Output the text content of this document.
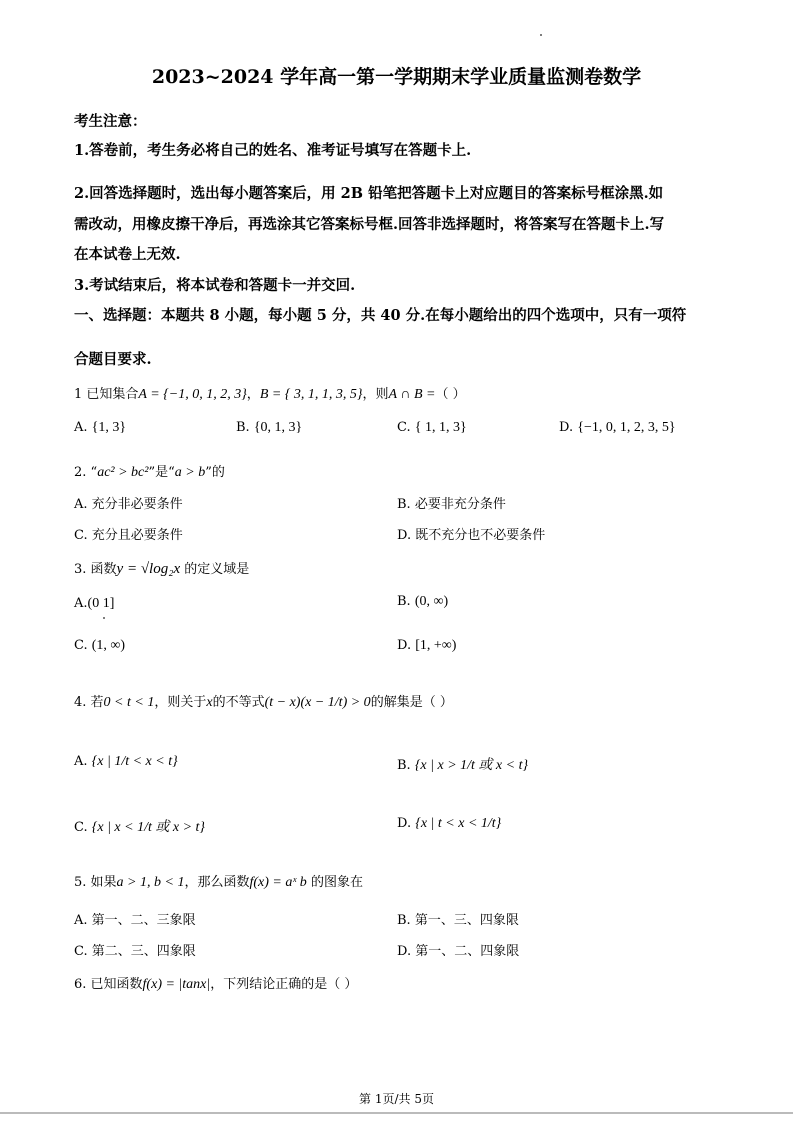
2023~2024 学年高一第一学期期末学业质量监测卷数学
考生注意：
1.答卷前，考生务必将自己的姓名、准考证号填写在答题卡上.
2.回答选择题时，选出每小题答案后，用 2B 铅笔把答题卡上对应题目的答案标号框涂黑.如
需改动，用橡皮擦干净后，再选涂其它答案标号框.回答非选择题时，将答案写在答题卡上.写
在本试卷上无效.
3.考试结束后，将本试卷和答题卡一并交回.
一、选择题：本题共 8 小题，每小题 5 分，共 40 分.在每小题给出的四个选项中，只有一项符
合题目要求.
1 已知集合A = {−1, 0, 1, 2, 3}，B = { 3, 1, 1, 3, 5}，则A ∩ B =（ ）
A. {1, 3}	B. {0, 1, 3}	C. { 1, 1, 3}	D. {−1, 0, 1, 2, 3, 5}
2. “ac² > bc²”是“a > b”的
A. 充分非必要条件	B. 必要非充分条件
C. 充分且必要条件	D. 既不充分也不必要条件
3. 函数y = √log₂x 的定义域是
A.(0 1]	B. (0, ∞)
C. (1, ∞)	D. [1, +∞)
4. 若0 < t < 1，则关于x的不等式(t − x)(x − 1/t) > 0的解集是（ ）
A. {x | 1/t < x < t}	B. {x | x > 1/t 或 x < t}
C. {x | x < 1/t 或 x > t}	D. {x | t < x < 1/t}
5. 如果a > 1, b < 1，那么函数f(x) = aˣ b 的图象在
A. 第一、二、三象限	B. 第一、三、四象限
C. 第二、三、四象限	D. 第一、二、四象限
6. 已知函数f(x) = |tanx|，下列结论正确的是（ ）
第 1页/共 5页
